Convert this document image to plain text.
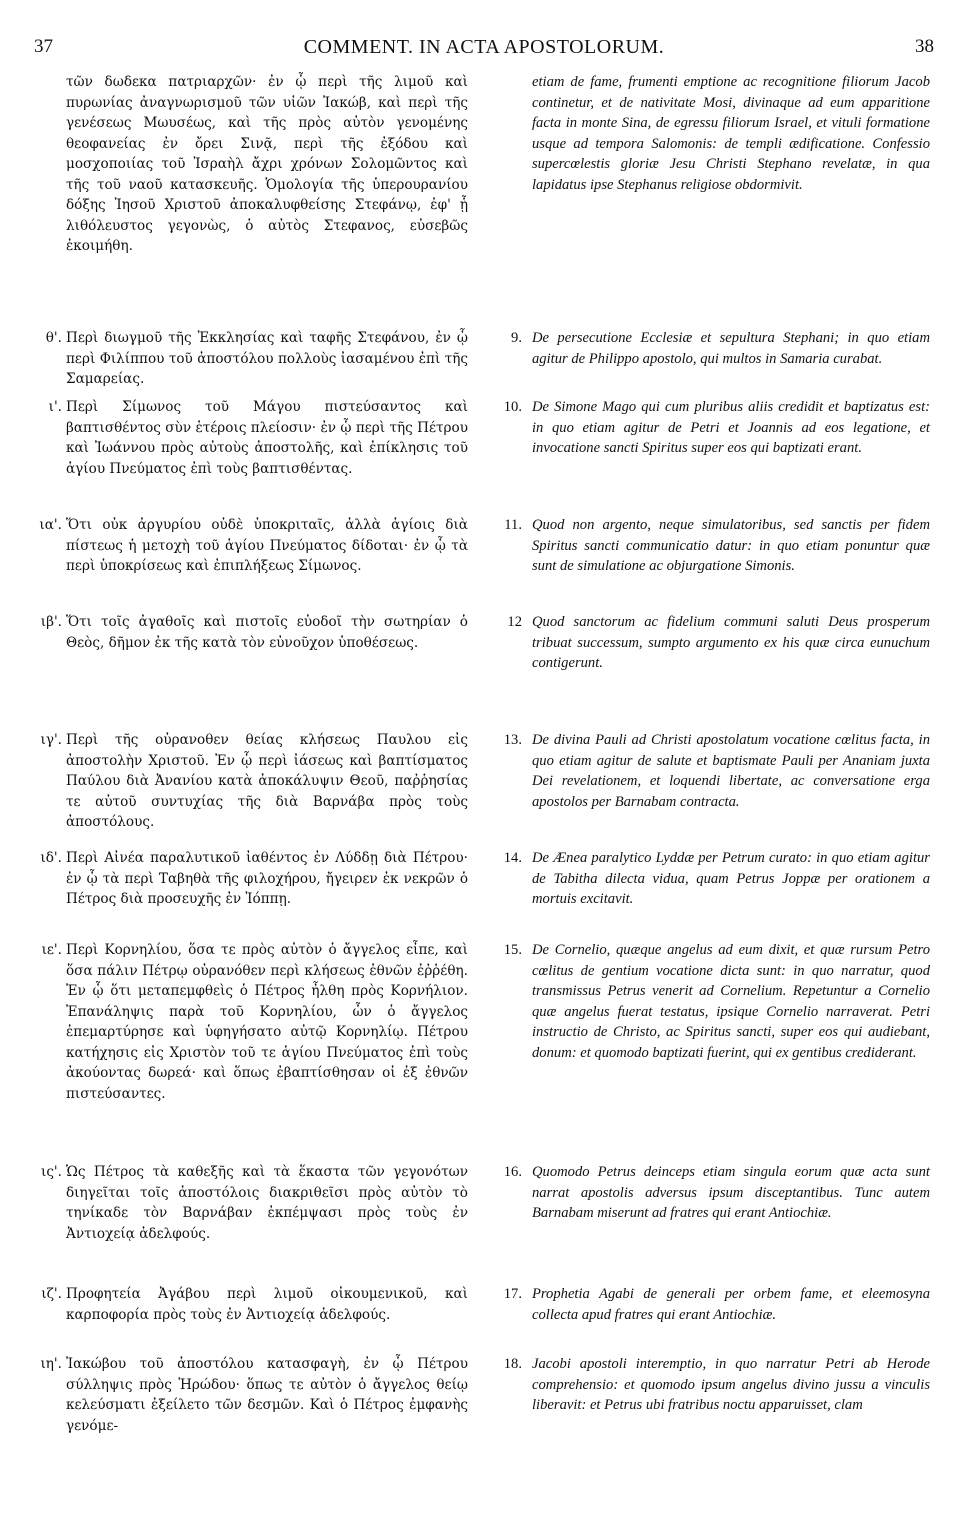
37	COMMENT. IN ACTA APOSTOLORUM.	38
τῶν δωδεκα πατριαρχῶν· ἐν ᾧ περὶ τῆς λιμοῦ καὶ πυρωνίας ἀναγνωρισμοῦ τῶν υἱῶν Ἰακώβ, καὶ περὶ τῆς γενέσεως Μωυσέως, καὶ τῆς πρὸς αὐτὸν γενομένης θεοφανείας ἐν ὄρει Σινᾷ, περὶ τῆς ἐξόδου καὶ μοσχοποιίας τοῦ Ἰσραὴλ ἄχρι χρόνων Σολομῶντος καὶ τῆς τοῦ ναοῦ κατασκευῆς. Ὁμολογία τῆς ὑπερουρανίου δόξης Ἰησοῦ Χριστοῦ ἀποκαλυφθείσης Στεφάνῳ, ἐφ' ᾗ λιθόλευστος γεγονὼς, ὁ αὐτὸς Στεφανος, εὐσεβῶς ἐκοιμήθη.
θ'. Περὶ διωγμοῦ τῆς Ἐκκλησίας καὶ ταφῆς Στεφάνου, ἐν ᾧ περὶ Φιλίππου τοῦ ἀποστόλου πολλοὺς ἰασαμένου ἐπὶ τῆς Σαμαρείας.
ι'. Περὶ Σίμωνος τοῦ Μάγου πιστεύσαντος καὶ βαπτισθέντος σὺν ἑτέροις πλείοσιν· ἐν ᾧ περὶ τῆς Πέτρου καὶ Ἰωάννου πρὸς αὐτοὺς ἀποστολῆς, καὶ ἐπίκλησις τοῦ ἁγίου Πνεύματος ἐπὶ τοὺς βαπτισθέντας.
ια'. Ὅτι οὐκ ἀργυρίου οὐδὲ ὑποκριταῖς, ἀλλὰ ἁγίοις διὰ πίστεως ἡ μετοχὴ τοῦ ἁγίου Πνεύματος δίδοται· ἐν ᾧ τὰ περὶ ὑποκρίσεως καὶ ἐπιπλήξεως Σίμωνος.
ιβ'. Ὅτι τοῖς ἀγαθοῖς καὶ πιστοῖς εὐοδοῖ τὴν σωτηρίαν ὁ Θεὸς, δῆμον ἐκ τῆς κατὰ τὸν εὐνοῦχον ὑποθέσεως.
ιγ'. Περὶ τῆς οὐρανοθεν θείας κλήσεως Παυλου εἰς ἀποστολὴν Χριστοῦ. Ἐν ᾧ περὶ ἰάσεως καὶ βαπτίσματος Παύλου διὰ Ἀνανίου κατὰ ἀποκάλυψιν Θεοῦ, παῤῥησίας τε αὐτοῦ συντυχίας τῆς διὰ Βαρνάβα πρὸς τοὺς ἀποστόλους.
ιδ'. Περὶ Αἰνέα παραλυτικοῦ ἰαθέντος ἐν Λύδδῃ διὰ Πέτρου· ἐν ᾧ τὰ περὶ Ταβηθὰ τῆς φιλοχήρου, ἤγειρεν ἐκ νεκρῶν ὁ Πέτρος διὰ προσευχῆς ἐν Ἰόππῃ.
ιε'. Περὶ Κορνηλίου, ὅσα τε πρὸς αὐτὸν ὁ ἄγγελος εἶπε, καὶ ὅσα πάλιν Πέτρῳ οὐρανόθεν περὶ κλήσεως ἐθνῶν ἐῤῥέθη. Ἐν ᾧ ὅτι μεταπεμφθεὶς ὁ Πέτρος ἦλθη πρὸς Κορνήλιον. Ἐπανάληψις παρὰ τοῦ Κορνηλίου, ὧν ὁ ἄγγελος ἐπεμαρτύρησε καὶ ὑφηγήσατο αὐτῷ Κορνηλίῳ. Πέτρου κατήχησις εἰς Χριστὸν τοῦ τε ἁγίου Πνεύματος ἐπὶ τοὺς ἀκούοντας δωρεά· καὶ ὅπως ἐβαπτίσθησαν οἱ ἐξ ἐθνῶν πιστεύσαντες.
ις'. Ὡς Πέτρος τὰ καθεξῆς καὶ τὰ ἕκαστα τῶν γεγονότων διηγεῖται τοῖς ἀποστόλοις διακριθεῖσι πρὸς αὐτὸν τὸ τηνίκαδε τὸν Βαρνάβαν ἐκπέμψασι πρὸς τοὺς ἐν Ἀντιοχείᾳ ἀδελφούς.
ιζ'. Προφητεία Ἀγάβου περὶ λιμοῦ οἰκουμενικοῦ, καὶ καρποφορία πρὸς τοὺς ἐν Ἀντιοχείᾳ ἀδελφούς.
ιη'. Ἰακώβου τοῦ ἀποστόλου κατασφαγὴ, ἐν ᾧ Πέτρου σύλληψις πρὸς Ἡρώδου· ὅπως τε αὐτὸν ὁ ἄγγελος θείῳ κελεύσματι ἐξείλετο τῶν δεσμῶν. Καὶ ὁ Πέτρος ἐμφανὴς γενόμε-
etiam de fame, frumenti emptione ac recognitione filiorum Jacob continetur, et de nativitate Mosi, divinaque ad eum apparitione facta in monte Sina, de egressu filiorum Israel, et vituli formatione usque ad tempora Salomonis: de templi ædificatione. Confessio supercœlestis gloriæ Jesu Christi Stephano revelatæ, in qua lapidatus ipse Stephanus religiose obdormivit.
9. De persecutione Ecclesiæ et sepultura Stephani; in quo etiam agitur de Philippo apostolo, qui multos in Samaria curabat.
10. De Simone Mago qui cum pluribus aliis credidit et baptizatus est: in quo etiam agitur de Petri et Joannis ad eos legatione, et invocatione sancti Spiritus super eos qui baptizati erant.
11. Quod non argento, neque simulatoribus, sed sanctis per fidem Spiritus sancti communicatio datur: in quo etiam ponuntur quæ sunt de simulatione ac objurgatione Simonis.
12 Quod sanctorum ac fidelium communi saluti Deus prosperum tribuat successum, sumpto argumento ex his quæ circa eunuchum contigerunt.
13. De divina Pauli ad Christi apostolatum vocatione cœlitus facta, in quo etiam agitur de salute et baptismate Pauli per Ananiam juxta Dei revelationem, et loquendi libertate, ac conversatione erga apostolos per Barnabam contracta.
14. De Ænea paralytico Lyddæ per Petrum curato: in quo etiam agitur de Tabitha dilecta vidua, quam Petrus Joppæ per orationem a mortuis excitavit.
15. De Cornelio, quæque angelus ad eum dixit, et quæ rursum Petro cœlitus de gentium vocatione dicta sunt: in quo narratur, quod transmissus Petrus venerit ad Cornelium. Repetuntur a Cornelio quæ angelus fuerat testatus, ipsique Cornelio narraverat. Petri instructio de Christo, ac Spiritus sancti, super eos qui audiebant, donum: et quomodo baptizati fuerint, qui ex gentibus crediderant.
16. Quomodo Petrus deinceps etiam singula eorum quæ acta sunt narrat apostolis adversus ipsum disceptantibus. Tunc autem Barnabam miserunt ad fratres qui erant Antiochiæ.
17. Prophetia Agabi de generali per orbem fame, et eleemosyna collecta apud fratres qui erant Antiochiæ.
18. Jacobi apostoli interemptio, in quo narratur Petri ab Herode comprehensio: et quomodo ipsum angelus divino jussu a vinculis liberavit: et Petrus ubi fratribus noctu apparuisset, clam
